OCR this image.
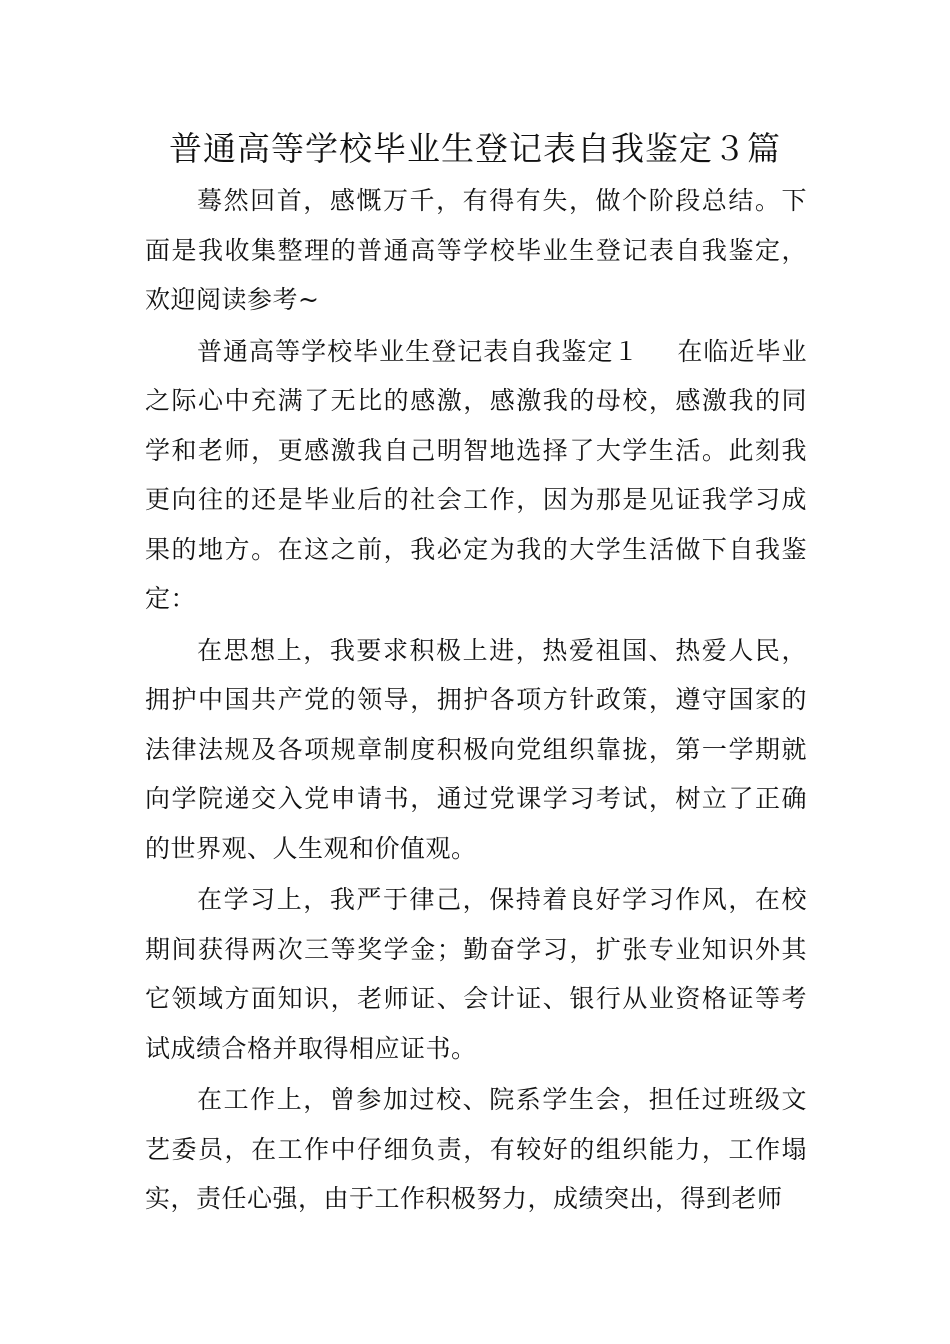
普通高等学校毕业生登记表自我鉴定３篇

蓦然回首，感慨万千，有得有失，做个阶段总结。下面是我收集整理的普通高等学校毕业生登记表自我鉴定，欢迎阅读参考~

普通高等学校毕业生登记表自我鉴定１ 在临近毕业之际心中充满了无比的感激，感激我的母校，感激我的同学和老师，更感激我自己明智地选择了大学生活。此刻我更向往的还是毕业后的社会工作，因为那是见证我学习成果的地方。在这之前，我必定为我的大学生活做下自我鉴定：

在思想上，我要求积极上进，热爱祖国、热爱人民，拥护中国共产党的领导，拥护各项方针政策，遵守国家的法律法规及各项规章制度积极向党组织靠拢，第一学期就向学院递交入党申请书，通过党课学习考试，树立了正确的世界观、人生观和价值观。

在学习上，我严于律己，保持着良好学习作风，在校期间获得两次三等奖学金；勤奋学习，扩张专业知识外其它领域方面知识，老师证、会计证、银行从业资格证等考试成绩合格并取得相应证书。

在工作上，曾参加过校、院系学生会，担任过班级文艺委员，在工作中仔细负责，有较好的组织能力，工作塌实，责任心强，由于工作积极努力，成绩突出，得到老师
